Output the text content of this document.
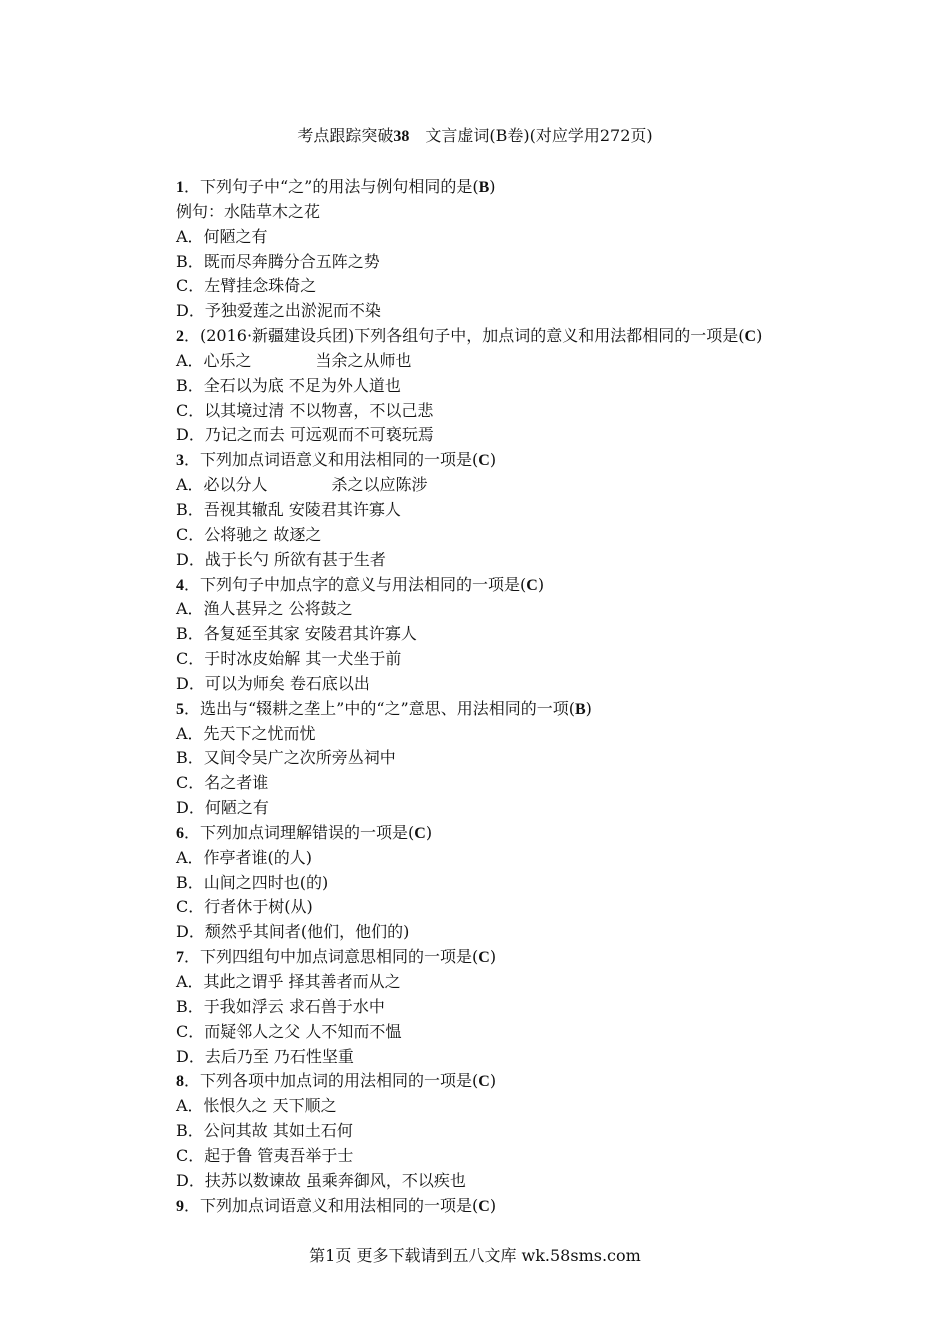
考点跟踪突破38　文言虚词(B卷)(对应学用272页)
1．下列句子中“之”的用法与例句相同的是(B)
例句：水陆草木之花
A．何陋之有
B．既而尽奔腾分合五阵之势
C．左臂挂念珠倚之
D．予独爱莲之出淤泥而不染
2．(2016·新疆建设兵团)下列各组句子中，加点词的意义和用法都相同的一项是(C)
A．心乐之　　　　当余之从师也
B．全石以为底 不足为外人道也
C．以其境过清 不以物喜，不以己悲
D．乃记之而去 可远观而不可亵玩焉
3．下列加点词语意义和用法相同的一项是(C)
A．必以分人　　　　杀之以应陈涉
B．吾视其辙乱 安陵君其许寡人
C．公将驰之 故逐之
D．战于长勺 所欲有甚于生者
4．下列句子中加点字的意义与用法相同的一项是(C)
A．渔人甚异之 公将鼓之
B．各复延至其家 安陵君其许寡人
C．于时冰皮始解 其一犬坐于前
D．可以为师矣 卷石底以出
5．选出与“辍耕之垄上”中的“之”意思、用法相同的一项(B)
A．先天下之忧而忧
B．又间令吴广之次所旁丛祠中
C．名之者谁
D．何陋之有
6．下列加点词理解错误的一项是(C)
A．作亭者谁(的人)
B．山间之四时也(的)
C．行者休于树(从)
D．颓然乎其间者(他们，他们的)
7．下列四组句中加点词意思相同的一项是(C)
A．其此之谓乎 择其善者而从之
B．于我如浮云 求石兽于水中
C．而疑邻人之父 人不知而不愠
D．去后乃至 乃石性坚重
8．下列各项中加点词的用法相同的一项是(C)
A．怅恨久之 天下顺之
B．公问其故 其如土石何
C．起于鲁 管夷吾举于士
D．扶苏以数谏故 虽乘奔御风，不以疾也
9．下列加点词语意义和用法相同的一项是(C)
第1页 更多下载请到五八文库 wk.58sms.com
